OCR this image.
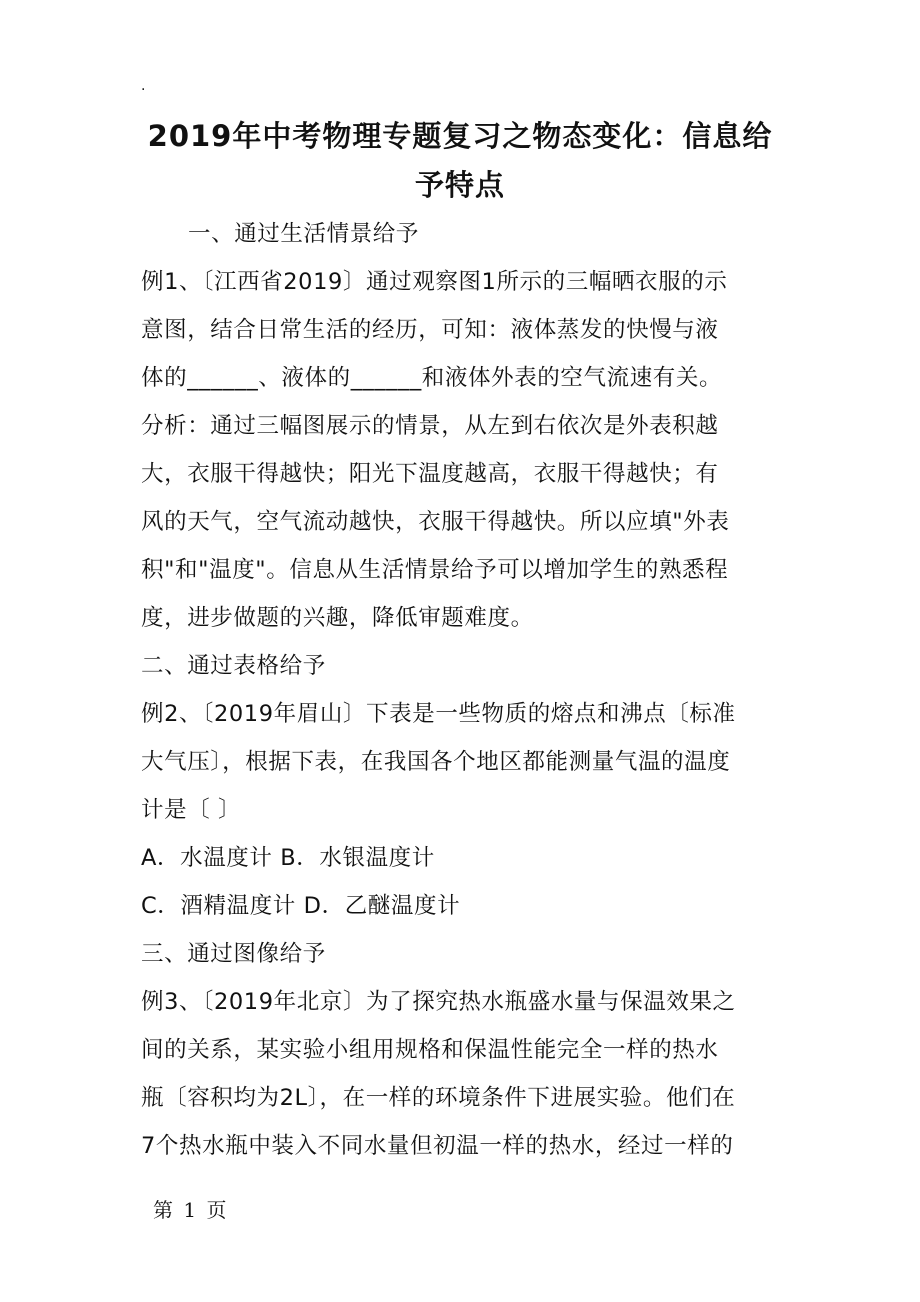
.
2019年中考物理专题复习之物态变化：信息给
予特点
一、通过生活情景给予
例1、〔江西省2019〕通过观察图1所示的三幅晒衣服的示
意图，结合日常生活的经历，可知：液体蒸发的快慢与液
体的______、液体的______和液体外表的空气流速有关。
分析：通过三幅图展示的情景，从左到右依次是外表积越
大，衣服干得越快；阳光下温度越高，衣服干得越快；有
风的天气，空气流动越快，衣服干得越快。所以应填"外表
积"和"温度"。信息从生活情景给予可以增加学生的熟悉程
度，进步做题的兴趣，降低审题难度。
二、通过表格给予
例2、〔2019年眉山〕下表是一些物质的熔点和沸点〔标准
大气压〕，根据下表，在我国各个地区都能测量气温的温度
计是〔 〕
A．水温度计 B．水银温度计
C．酒精温度计 D．乙醚温度计
三、通过图像给予
例3、〔2019年北京〕为了探究热水瓶盛水量与保温效果之
间的关系，某实验小组用规格和保温性能完全一样的热水
瓶〔容积均为2L〕，在一样的环境条件下进展实验。他们在
7个热水瓶中装入不同水量但初温一样的热水，经过一样的
第 1 页
